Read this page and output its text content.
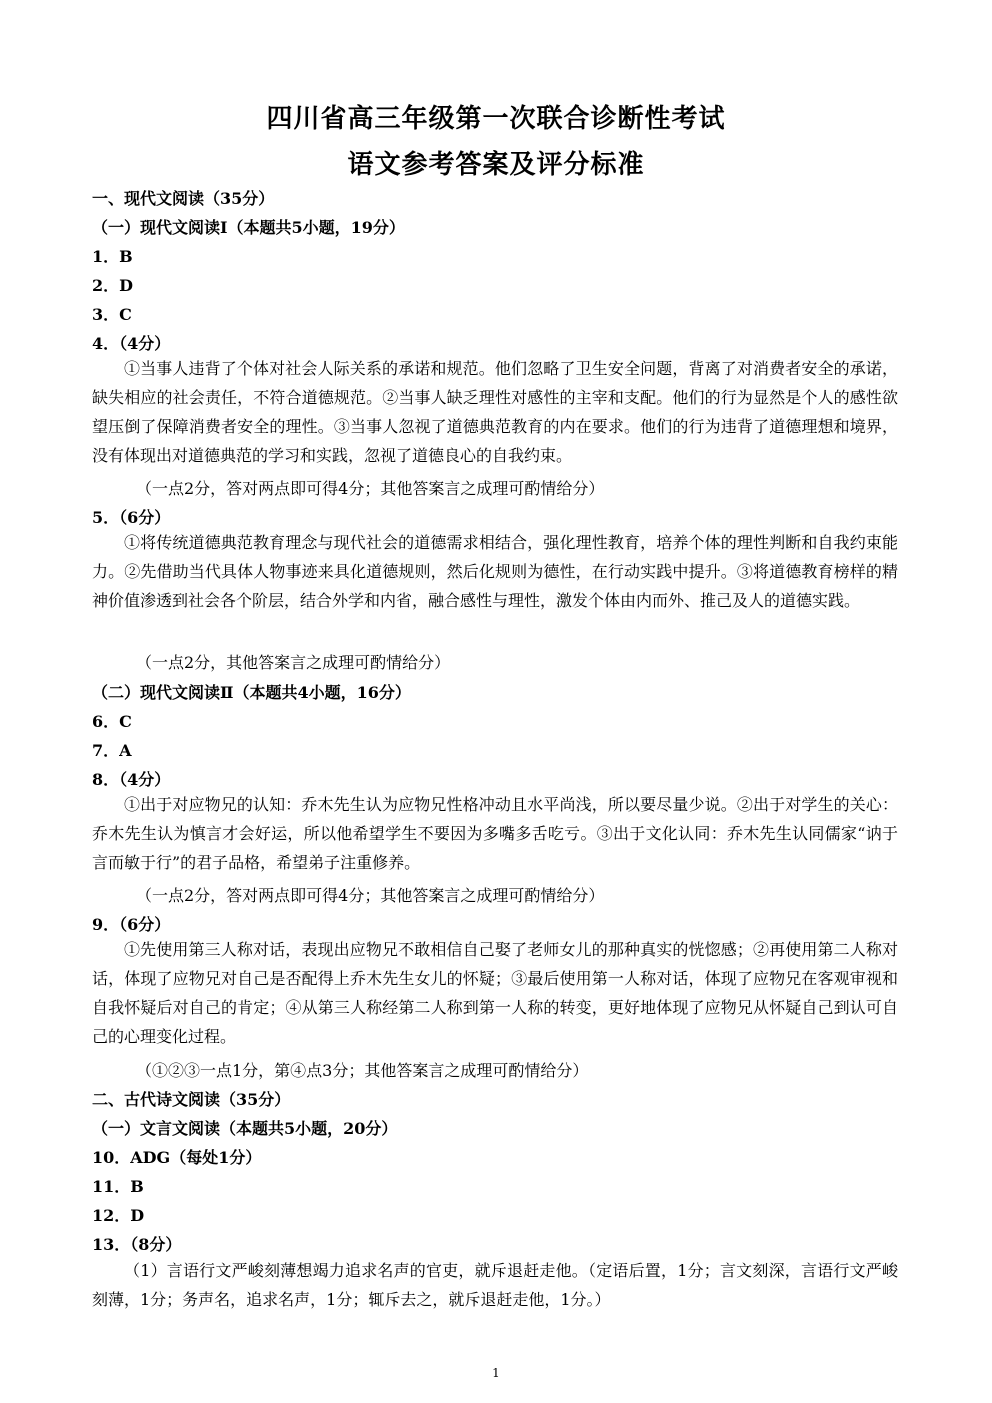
四川省高三年级第一次联合诊断性考试
语文参考答案及评分标准
一、现代文阅读（35分）
（一）现代文阅读Ⅰ（本题共5小题，19分）
1．B
2．D
3．C
4．（4分）
①当事人违背了个体对社会人际关系的承诺和规范。他们忽略了卫生安全问题，背离了对消费者安全的承诺，缺失相应的社会责任，不符合道德规范。②当事人缺乏理性对感性的主宰和支配。他们的行为显然是个人的感性欲望压倒了保障消费者安全的理性。③当事人忽视了道德典范教育的内在要求。他们的行为违背了道德理想和境界，没有体现出对道德典范的学习和实践，忽视了道德良心的自我约束。
（一点2分，答对两点即可得4分；其他答案言之成理可酌情给分）
5．（6分）
①将传统道德典范教育理念与现代社会的道德需求相结合，强化理性教育，培养个体的理性判断和自我约束能力。②先借助当代具体人物事迹来具化道德规则，然后化规则为德性，在行动实践中提升。③将道德教育榜样的精神价值渗透到社会各个阶层，结合外学和内省，融合感性与理性，激发个体由内而外、推己及人的道德实践。
（一点2分，其他答案言之成理可酌情给分）
（二）现代文阅读Ⅱ（本题共4小题，16分）
6．C
7．A
8．（4分）
①出于对应物兄的认知：乔木先生认为应物兄性格冲动且水平尚浅，所以要尽量少说。②出于对学生的关心：乔木先生认为慎言才会好运，所以他希望学生不要因为多嘴多舌吃亏。③出于文化认同：乔木先生认同儒家“讷于言而敏于行”的君子品格，希望弟子注重修养。
（一点2分，答对两点即可得4分；其他答案言之成理可酌情给分）
9．（6分）
①先使用第三人称对话，表现出应物兄不敢相信自己娶了老师女儿的那种真实的恍惚感；②再使用第二人称对话，体现了应物兄对自己是否配得上乔木先生女儿的怀疑；③最后使用第一人称对话，体现了应物兄在客观审视和自我怀疑后对自己的肯定；④从第三人称经第二人称到第一人称的转变，更好地体现了应物兄从怀疑自己到认可自己的心理变化过程。
（①②③一点1分，第④点3分；其他答案言之成理可酌情给分）
二、古代诗文阅读（35分）
（一）文言文阅读（本题共5小题，20分）
10．ADG（每处1分）
11．B
12．D
13．（8分）
（1）言语行文严峻刻薄想竭力追求名声的官吏，就斥退赶走他。（定语后置，1分；言文刻深，言语行文严峻刻薄，1分；务声名，追求名声，1分；辄斥去之，就斥退赶走他，1分。）
1
